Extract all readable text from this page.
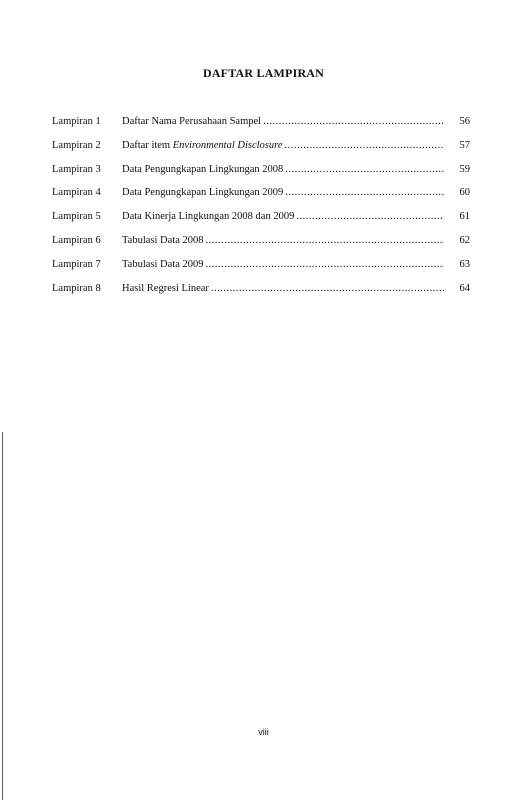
DAFTAR LAMPIRAN
Lampiran 1	Daftar Nama Perusahaan Sampel .....	56
Lampiran 2	Daftar item Environmental Disclosure .....	57
Lampiran 3	Data Pengungkapan Lingkungan 2008 .....	59
Lampiran 4	Data Pengungkapan Lingkungan 2009 .....	60
Lampiran 5	Data Kinerja Lingkungan 2008 dan 2009 .....	61
Lampiran 6	Tabulasi Data 2008 .....	62
Lampiran 7	Tabulasi Data 2009 .....	63
Lampiran 8	Hasil Regresi Linear .....	64
viii
